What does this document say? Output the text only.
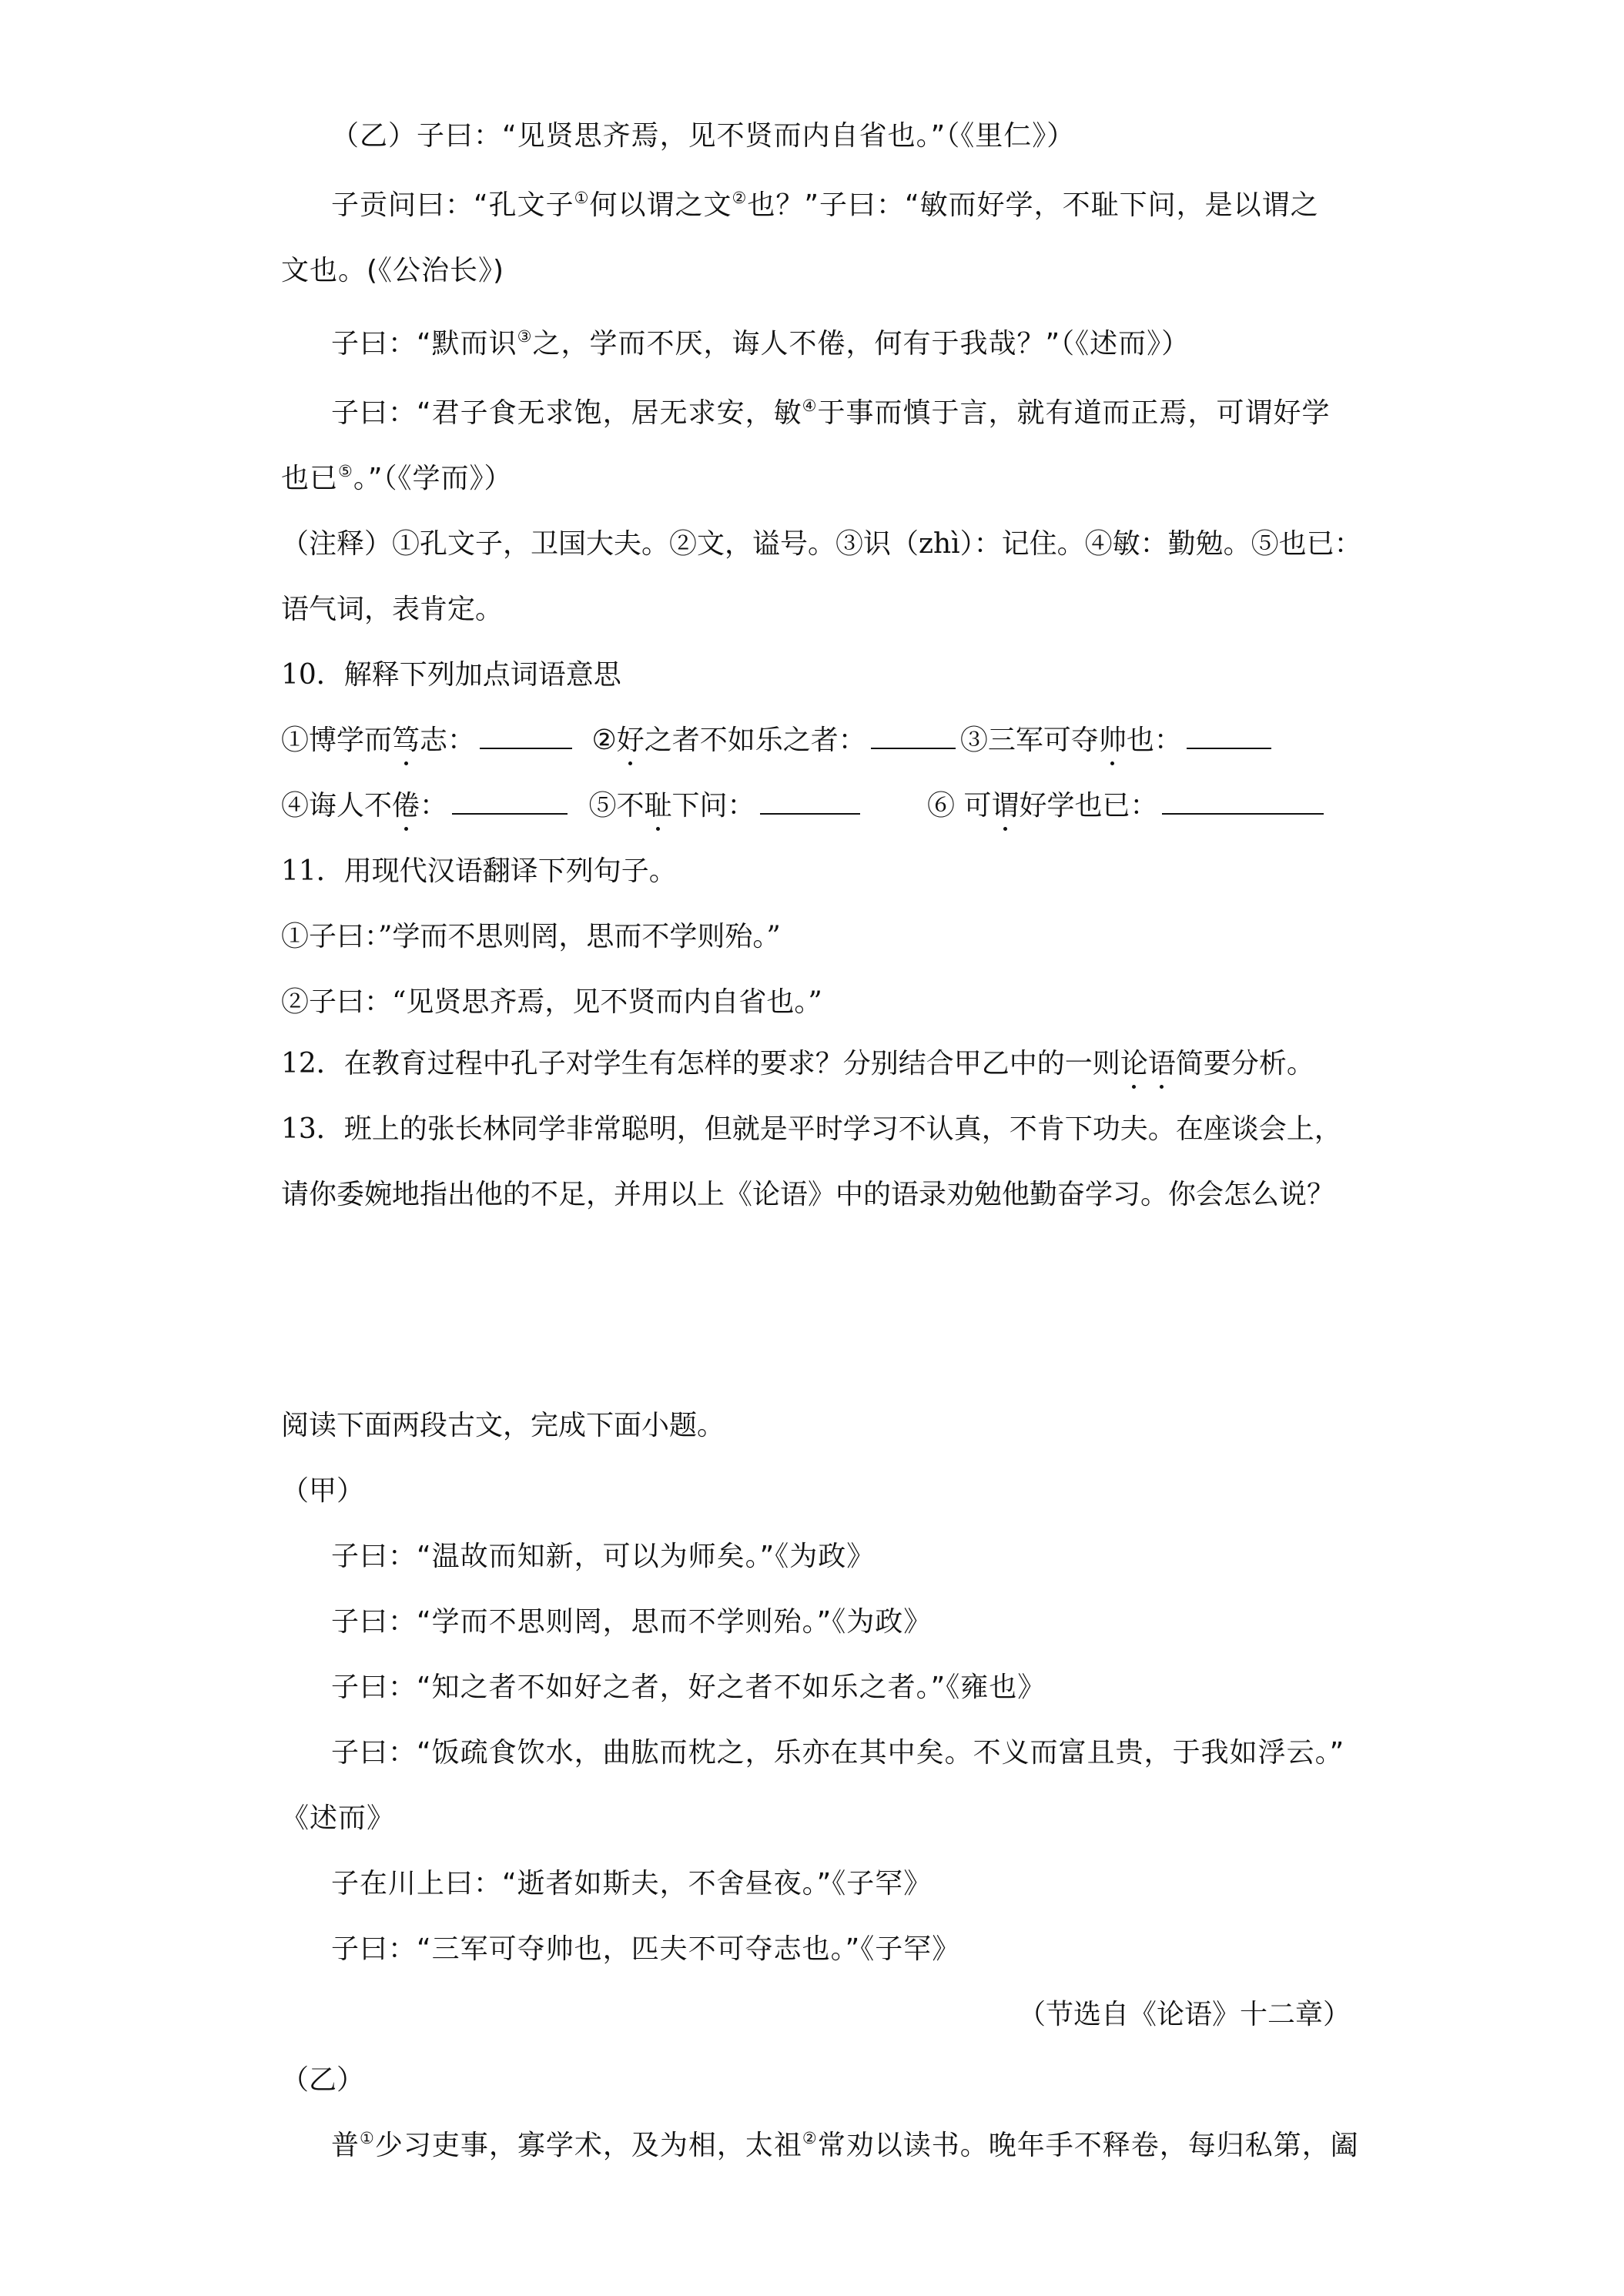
（乙）子曰：“见贤思齐焉，见不贤而内自省也。”（《里仁》）
子贡问曰：“孔文子①何以谓之文②也？”子曰：“敏而好学，不耻下问，是以谓之
文也。(《公治长》)
子曰：“默而识③之，学而不厌，诲人不倦，何有于我哉？”（《述而》）
子曰：“君子食无求饱，居无求安，敏④于事而慎于言，就有道而正焉，可谓好学
也已⑤。”（《学而》）
（注释）①孔文子，卫国大夫。②文，谥号。③识（zhì）：记住。④敏：勤勉。⑤也已：
语气词，表肯定。
10．解释下列加点词语意思
①博学而笃志：	②好之者不如乐之者：	③三军可夺帅也：
④诲人不倦：	⑤不耻下问：	⑥ 可谓好学也已：
11．用现代汉语翻译下列句子。
①子曰：”学而不思则罔，思而不学则殆。”
②子曰：“见贤思齐焉，见不贤而内自省也。”
12．在教育过程中孔子对学生有怎样的要求？分别结合甲乙中的一则论语简要分析。
13．班上的张长林同学非常聪明，但就是平时学习不认真，不肯下功夫。在座谈会上，
请你委婉地指出他的不足，并用以上《论语》中的语录劝勉他勤奋学习。你会怎么说？
阅读下面两段古文，完成下面小题。
（甲）
子曰：“温故而知新，可以为师矣。”《为政》
子曰：“学而不思则罔，思而不学则殆。”《为政》
子曰：“知之者不如好之者，好之者不如乐之者。”《雍也》
子曰：“饭疏食饮水，曲肱而枕之，乐亦在其中矣。不义而富且贵，于我如浮云。”
《述而》
子在川上曰：“逝者如斯夫，不舍昼夜。”《子罕》
子曰：“三军可夺帅也，匹夫不可夺志也。”《子罕》
（节选自《论语》十二章）
（乙）
普①少习吏事，寡学术，及为相，太祖②常劝以读书。晚年手不释卷，每归私第，阖
